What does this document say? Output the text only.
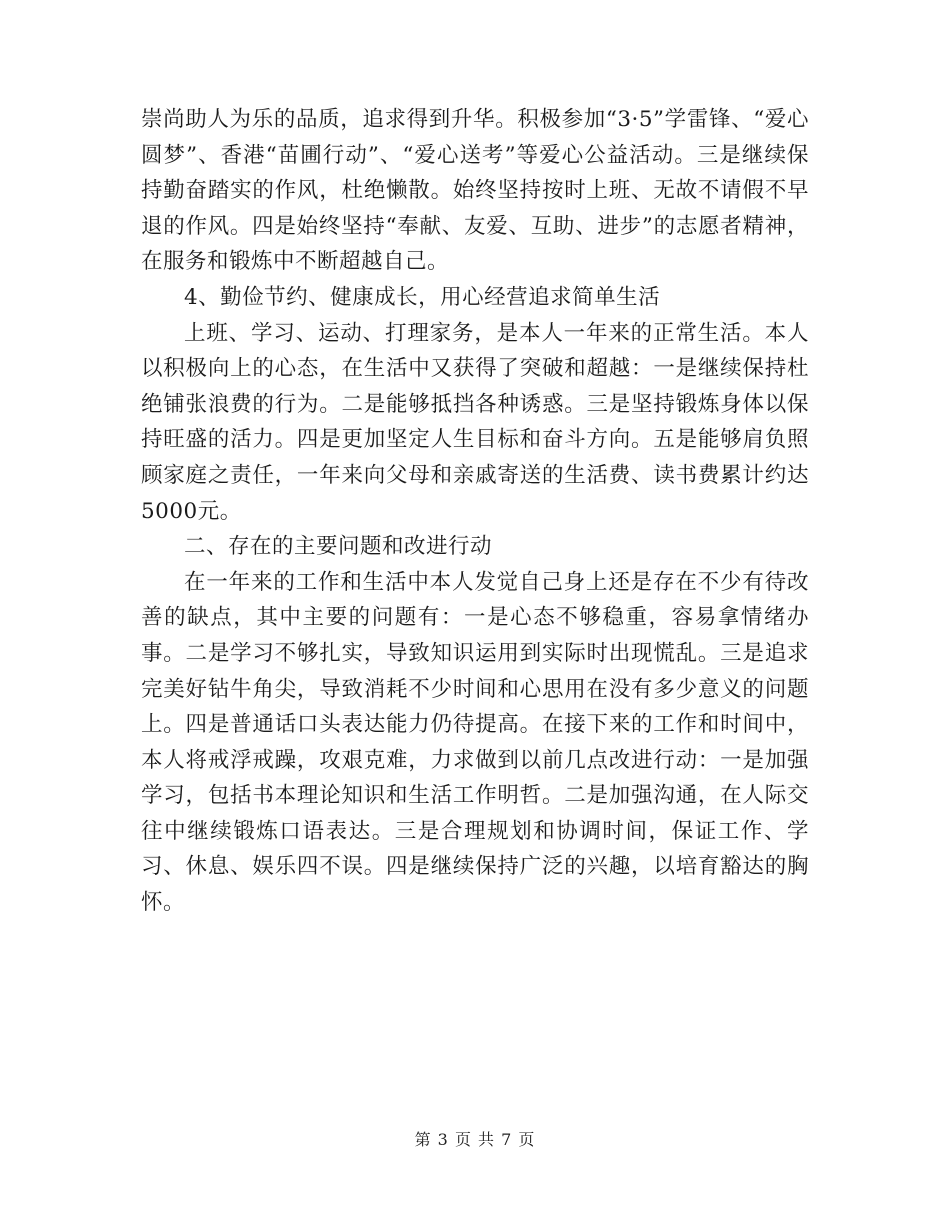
崇尚助人为乐的品质，追求得到升华。积极参加“3·5”学雷锋、“爱心圆梦”、香港“苗圃行动”、“爱心送考”等爱心公益活动。三是继续保持勤奋踏实的作风，杜绝懒散。始终坚持按时上班、无故不请假不早退的作风。四是始终坚持“奉献、友爱、互助、进步”的志愿者精神，在服务和锻炼中不断超越自己。

4、勤俭节约、健康成长，用心经营追求简单生活

上班、学习、运动、打理家务，是本人一年来的正常生活。本人以积极向上的心态，在生活中又获得了突破和超越：一是继续保持杜绝铺张浪费的行为。二是能够抵挡各种诱惑。三是坚持锻炼身体以保持旺盛的活力。四是更加坚定人生目标和奋斗方向。五是能够肩负照顾家庭之责任，一年来向父母和亲戚寄送的生活费、读书费累计约达5000元。

二、存在的主要问题和改进行动

在一年来的工作和生活中本人发觉自己身上还是存在不少有待改善的缺点，其中主要的问题有：一是心态不够稳重，容易拿情绪办事。二是学习不够扎实，导致知识运用到实际时出现慌乱。三是追求完美好钻牛角尖，导致消耗不少时间和心思用在没有多少意义的问题上。四是普通话口头表达能力仍待提高。在接下来的工作和时间中，本人将戒浮戒躁，攻艰克难，力求做到以前几点改进行动：一是加强学习，包括书本理论知识和生活工作明哲。二是加强沟通，在人际交往中继续锻炼口语表达。三是合理规划和协调时间，保证工作、学习、休息、娱乐四不误。四是继续保持广泛的兴趣，以培育豁达的胸怀。

第 3 页 共 7 页
